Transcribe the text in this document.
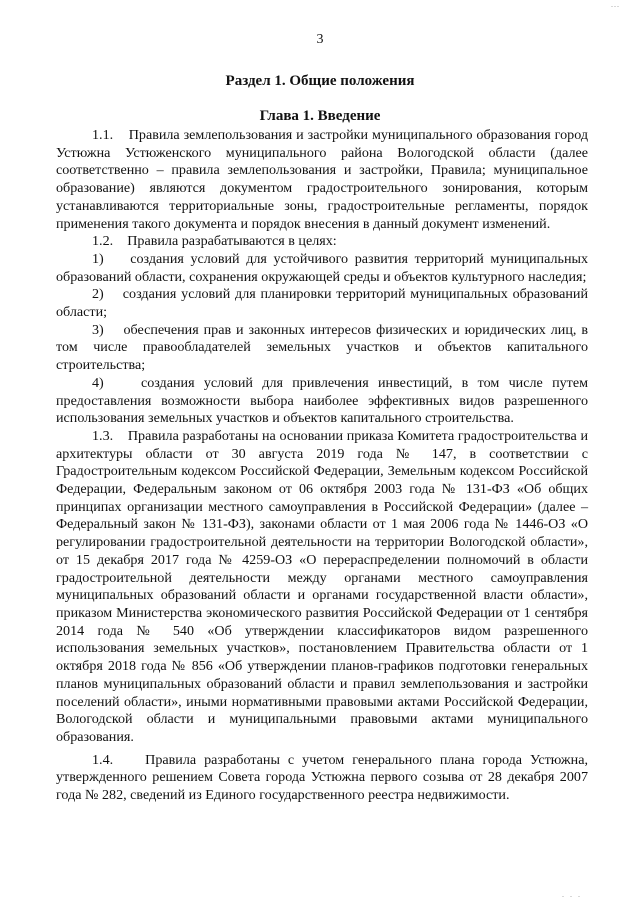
...
3
Раздел 1. Общие положения
Глава 1. Введение

1.1.    Правила землепользования и застройки муниципального образования город Устюжна Устюженского муниципального района Вологодской области (далее соответственно – правила землепользования и застройки, Правила; муниципальное образование) являются документом градостроительного зонирования, которым устанавливаются территориальные зоны, градостроительные регламенты, порядок применения такого документа и порядок внесения в данный документ изменений.

1.2.    Правила разрабатываются в целях:

1)    создания условий для устойчивого развития территорий муниципальных образований области, сохранения окружающей среды и объектов культурного наследия;

2)    создания условий для планировки территорий муниципальных образований области;

3)    обеспечения прав и законных интересов физических и юридических лиц, в том числе правообладателей земельных участков и объектов капитального строительства;

4)    создания условий для привлечения инвестиций, в том числе путем предоставления возможности выбора наиболее эффективных видов разрешенного использования земельных участков и объектов капитального строительства.

1.3.    Правила разработаны на основании приказа Комитета градостроительства и архитектуры области от 30 августа 2019 года № 147, в соответствии с Градостроительным кодексом Российской Федерации, Земельным кодексом Российской Федерации, Федеральным законом от 06 октября 2003 года № 131-ФЗ «Об общих принципах организации местного самоуправления в Российской Федерации» (далее – Федеральный закон № 131-ФЗ), законами области от 1 мая 2006 года № 1446-ОЗ «О регулировании градостроительной деятельности на территории Вологодской области», от 15 декабря 2017 года № 4259-ОЗ «О перераспределении полномочий в области градостроительной деятельности между органами местного самоуправления муниципальных образований области и органами государственной власти области», приказом Министерства экономического развития Российской Федерации от 1 сентября 2014 года № 540 «Об утверждении классификаторов видом разрешенного использования земельных участков», постановлением Правительства области от 1 октября 2018 года № 856 «Об утверждении планов-графиков подготовки генеральных планов муниципальных образований области и правил землепользования и застройки поселений области», иными нормативными правовыми актами Российской Федерации, Вологодской области и муниципальными правовыми актами муниципального образования.

1.4.    Правила разработаны с учетом генерального плана города Устюжна, утвержденного решением Совета города Устюжна первого созыва от 28 декабря 2007 года № 282, сведений из Единого государственного реестра недвижимости.

. . .
